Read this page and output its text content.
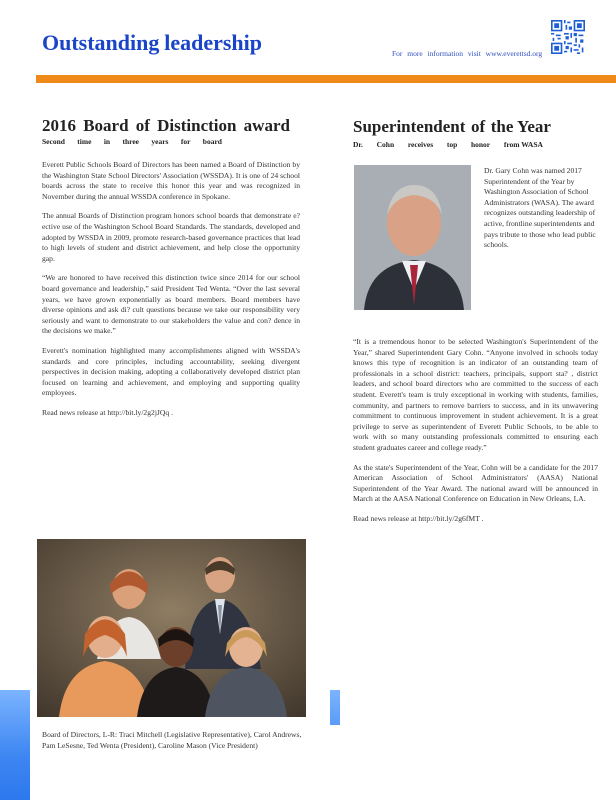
Outstanding leadership	For more information visit www.everettsd.org
2016 Board of Distinction award
Second time in three years for board

Everett Public Schools Board of Directors has been named a Board of Distinction by the Washington State School Directors' Association (WSSDA). It is one of 24 school boards across the state to receive this honor this year and was recognized in November during the annual WSSDA conference in Spokane.

The annual Boards of Distinction program honors school boards that demonstrate e? ective use of the Washington School Board Standards. The standards, developed and adopted by WSSDA in 2009, promote research-based governance practices that lead to high levels of student and district achievement, and help close the opportunity gap.

“We are honored to have received this distinction twice since 2014 for our school board governance and leadership,” said President Ted Wenta. “Over the last several years, we have grown exponentially as board members. Board members have diverse opinions and ask di? cult questions because we take our responsibility very seriously and want to demonstrate to our stakeholders the value and con? dence in the decisions we make.”

Everett's nomination highlighted many accomplishments aligned with WSSDA's standards and core principles, including accountability, seeking divergent perspectives in decision making, adopting a collaboratively developed district plan focused on learning and achievement, and employing and supporting quality employees.

Read news release at http://bit.ly/2g2jJQq .

Board of Directors, L-R: Traci Mitchell (Legislative Representative), Carol Andrews, Pam LeSesne, Ted Wenta (President), Caroline Mason (Vice President)
Superintendent of the Year
Dr. Cohn receives top honor from WASA
Dr. Gary Cohn was named 2017 Superintendent of the Year by Washington Association of School Administrators (WASA). The award recognizes outstanding leadership of active, frontline superintendents and pays tribute to those who lead public schools.

“It is a tremendous honor to be selected Washington's Superintendent of the Year,” shared Superintendent Gary Cohn. “Anyone involved in schools today knows this type of recognition is an indicator of an outstanding team of professionals in a school district: teachers, principals, support sta? , district leaders, and school board directors who are committed to the success of each student. Everett's team is truly exceptional in working with students, families, community, and partners to remove barriers to success, and in its unwavering commitment to continuous improvement in student achievement. It is a great privilege to serve as superintendent of Everett Public Schools, to be able to work with so many outstanding professionals committed to ensuring each student graduates career and college ready.”

As the state's Superintendent of the Year, Cohn will be a candidate for the 2017 American Association of School Administrators' (AASA) National Superintendent of the Year Award. The national award will be announced in March at the AASA National Conference on Education in New Orleans, LA.

Read news release at http://bit.ly/2g6fMT .
